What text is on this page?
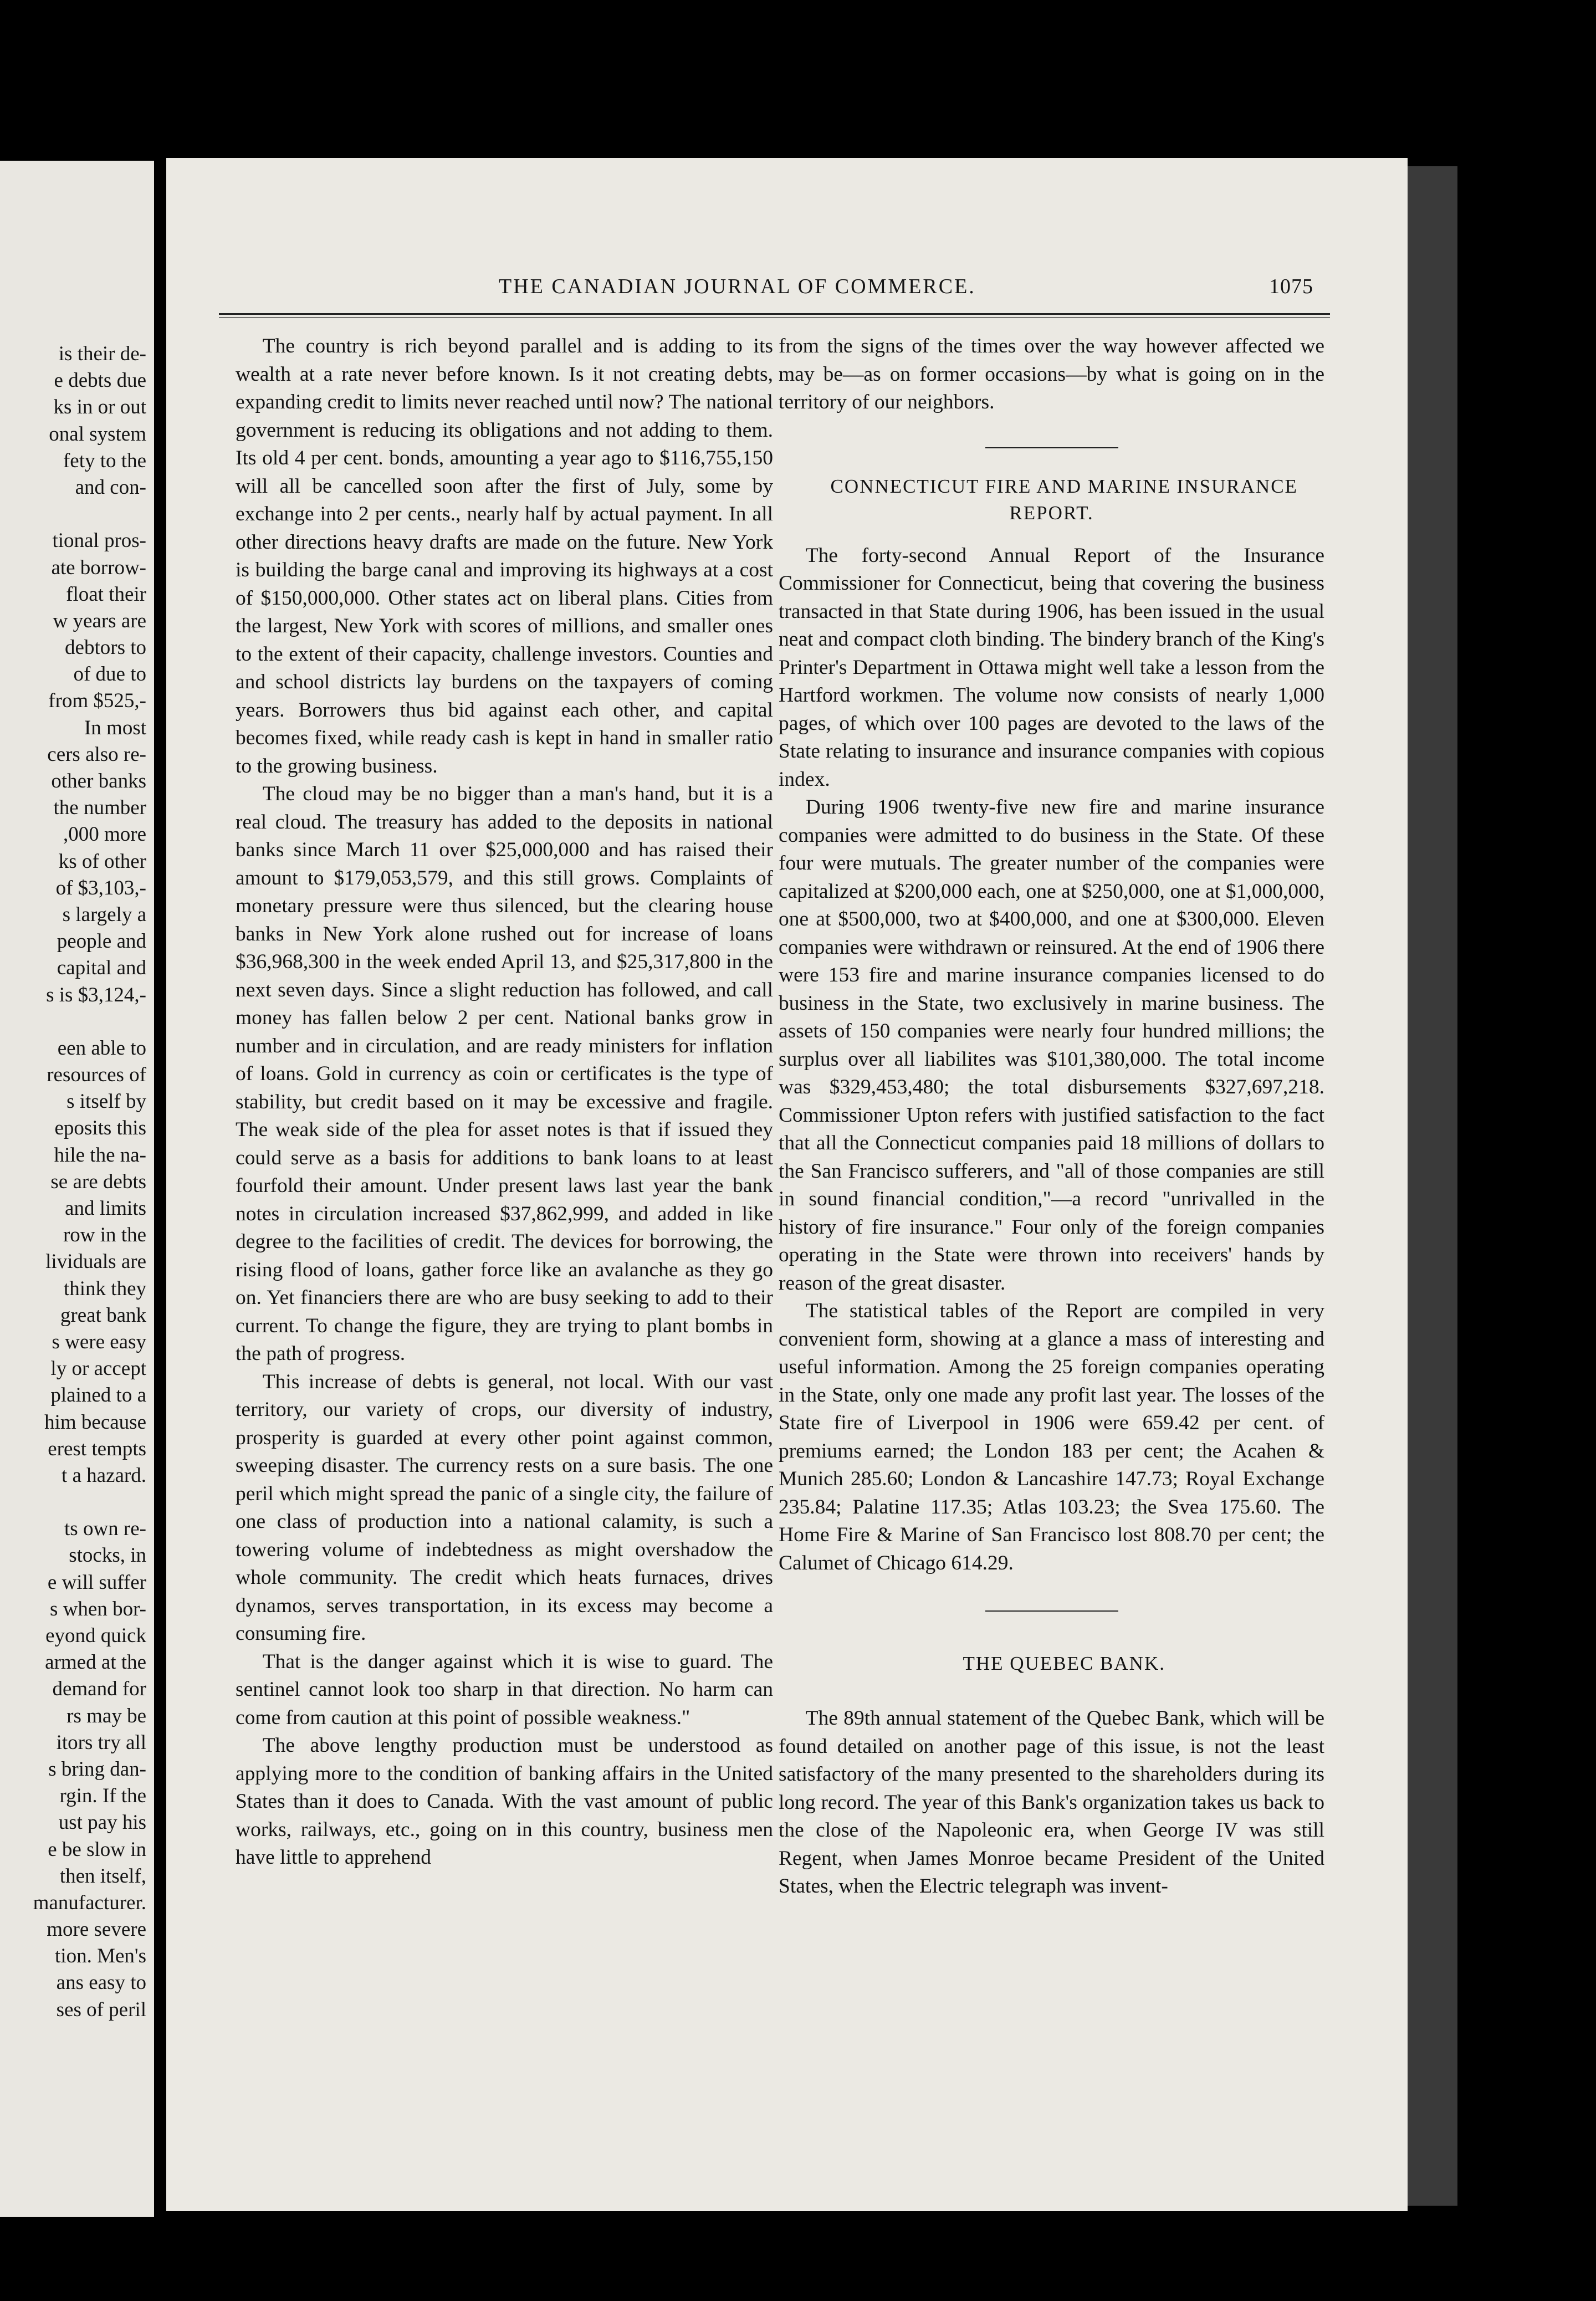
is their de-
e debts due
ks in or out
onal system
fety to the
and con-
tional pros-
ate borrow-
float their
w years are
debtors to
of due to
from $525,-
In most
cers also re-
other banks
the number
,000 more
ks of other
of $3,103,-
s largely a
people and
capital and
s is $3,124,-
een able to
resources of
s itself by
eposits this
hile the na-
se are debts
and limits
row in the
lividuals are
think they
great bank
s were easy
ly or accept
plained to a
him because
erest tempts
t a hazard.
ts own re-
stocks, in
e will suffer
s when bor-
eyond quick
armed at the
demand for
rs may be
itors try all
s bring dan-
rgin. If the
ust pay his
e be slow in
then itself,
manufacturer.
more severe
tion. Men's
ans easy to
ses of peril
THE CANADIAN JOURNAL OF COMMERCE.	1075

The country is rich beyond parallel and is adding to its wealth at a rate never before known. Is it not creating debts, expanding credit to limits never reached until now? The national government is reducing its obligations and not adding to them. Its old 4 per cent. bonds, amounting a year ago to $116,755,150 will all be cancelled soon after the first of July, some by exchange into 2 per cents., nearly half by actual payment. In all other directions heavy drafts are made on the future. New York is building the barge canal and improving its highways at a cost of $150,000,000. Other states act on liberal plans. Cities from the largest, New York with scores of millions, and smaller ones to the extent of their capacity, challenge investors. Counties and and school districts lay burdens on the taxpayers of coming years. Borrowers thus bid against each other, and capital becomes fixed, while ready cash is kept in hand in smaller ratio to the growing business.

The cloud may be no bigger than a man's hand, but it is a real cloud. The treasury has added to the deposits in national banks since March 11 over $25,000,000 and has raised their amount to $179,053,579, and this still grows. Complaints of monetary pressure were thus silenced, but the clearing house banks in New York alone rushed out for increase of loans $36,968,300 in the week ended April 13, and $25,317,800 in the next seven days. Since a slight reduction has followed, and call money has fallen below 2 per cent. National banks grow in number and in circulation, and are ready ministers for inflation of loans. Gold in currency as coin or certificates is the type of stability, but credit based on it may be excessive and fragile. The weak side of the plea for asset notes is that if issued they could serve as a basis for additions to bank loans to at least fourfold their amount. Under present laws last year the bank notes in circulation increased $37,862,999, and added in like degree to the facilities of credit. The devices for borrowing, the rising flood of loans, gather force like an avalanche as they go on. Yet financiers there are who are busy seeking to add to their current. To change the figure, they are trying to plant bombs in the path of progress.

This increase of debts is general, not local. With our vast territory, our variety of crops, our diversity of industry, prosperity is guarded at every other point against common, sweeping disaster. The currency rests on a sure basis. The one peril which might spread the panic of a single city, the failure of one class of production into a national calamity, is such a towering volume of indebtedness as might overshadow the whole community. The credit which heats furnaces, drives dynamos, serves transportation, in its excess may become a consuming fire.

That is the danger against which it is wise to guard. The sentinel cannot look too sharp in that direction. No harm can come from caution at this point of possible weakness."

The above lengthy production must be understood as applying more to the condition of banking affairs in the United States than it does to Canada. With the vast amount of public works, railways, etc., going on in this country, business men have little to apprehend

from the signs of the times over the way however affected we may be—as on former occasions—by what is going on in the territory of our neighbors.

CONNECTICUT FIRE AND MARINE INSURANCE REPORT.

The forty-second Annual Report of the Insurance Commissioner for Connecticut, being that covering the business transacted in that State during 1906, has been issued in the usual neat and compact cloth binding. The bindery branch of the King's Printer's Department in Ottawa might well take a lesson from the Hartford workmen. The volume now consists of nearly 1,000 pages, of which over 100 pages are devoted to the laws of the State relating to insurance and insurance companies with copious index.

During 1906 twenty-five new fire and marine insurance companies were admitted to do business in the State. Of these four were mutuals. The greater number of the companies were capitalized at $200,000 each, one at $250,000, one at $1,000,000, one at $500,000, two at $400,000, and one at $300,000. Eleven companies were withdrawn or reinsured. At the end of 1906 there were 153 fire and marine insurance companies licensed to do business in the State, two exclusively in marine business. The assets of 150 companies were nearly four hundred millions; the surplus over all liabilites was $101,380,000. The total income was $329,453,480; the total disbursements $327,697,218. Commissioner Upton refers with justified satisfaction to the fact that all the Connecticut companies paid 18 millions of dollars to the San Francisco sufferers, and "all of those companies are still in sound financial condition,"—a record "unrivalled in the history of fire insurance." Four only of the foreign companies operating in the State were thrown into receivers' hands by reason of the great disaster.

The statistical tables of the Report are compiled in very convenient form, showing at a glance a mass of interesting and useful information. Among the 25 foreign companies operating in the State, only one made any profit last year. The losses of the State fire of Liverpool in 1906 were 659.42 per cent. of premiums earned; the London 183 per cent; the Acahen & Munich 285.60; London & Lancashire 147.73; Royal Exchange 235.84; Palatine 117.35; Atlas 103.23; the Svea 175.60. The Home Fire & Marine of San Francisco lost 808.70 per cent; the Calumet of Chicago 614.29.

THE QUEBEC BANK.

The 89th annual statement of the Quebec Bank, which will be found detailed on another page of this issue, is not the least satisfactory of the many presented to the shareholders during its long record. The year of this Bank's organization takes us back to the close of the Napoleonic era, when George IV was still Regent, when James Monroe became President of the United States, when the Electric telegraph was invent-
